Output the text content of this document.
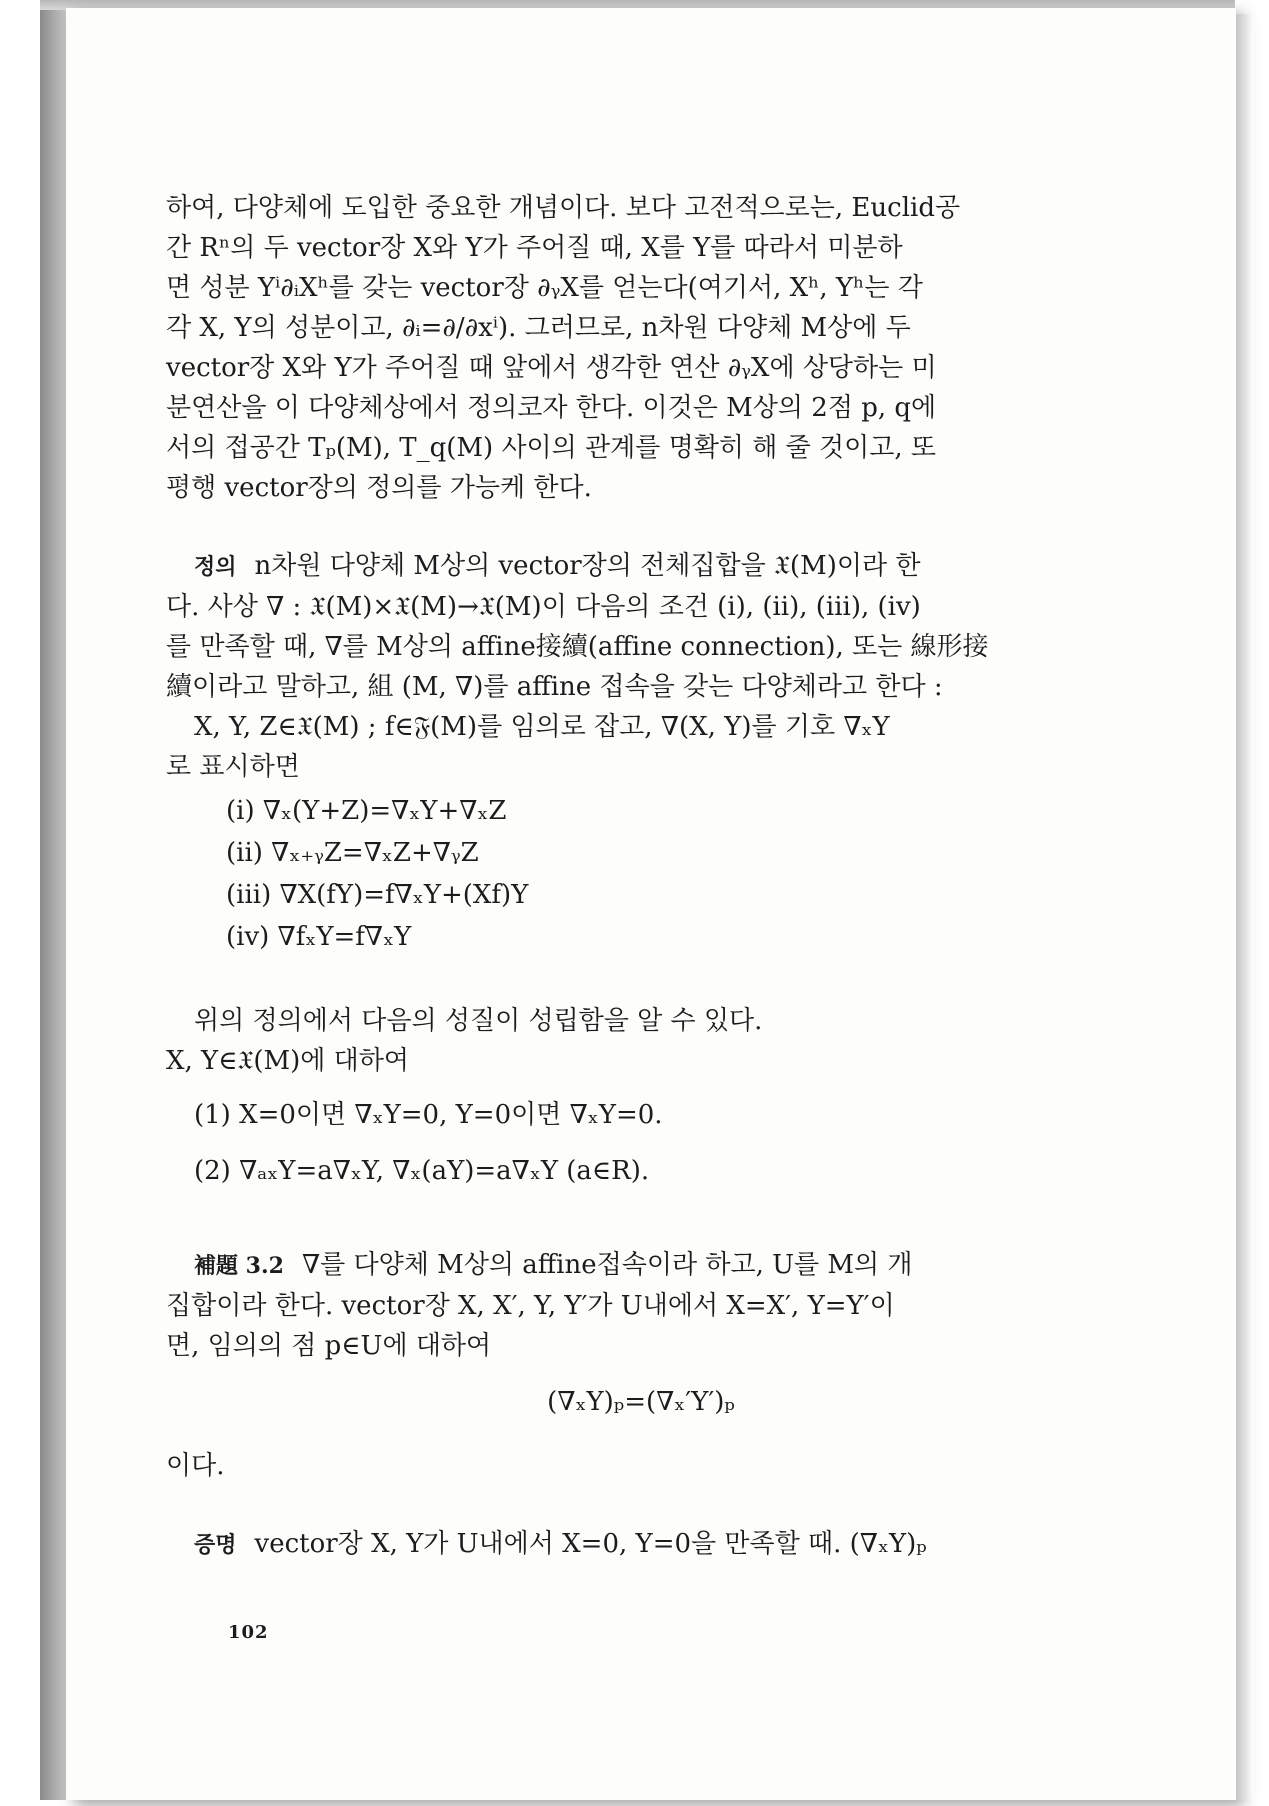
하여, 다양체에 도입한 중요한 개념이다. 보다 고전적으로는, Euclid공
간 Rⁿ의 두 vector장 X와 Y가 주어질 때, X를 Y를 따라서 미분하
면 성분 Yⁱ∂ᵢXʰ를 갖는 vector장 ∂ᵧX를 얻는다(여기서, Xʰ, Yʰ는 각
각 X, Y의 성분이고, ∂ᵢ=∂/∂xⁱ). 그러므로, n차원 다양체 M상에 두
vector장 X와 Y가 주어질 때 앞에서 생각한 연산 ∂ᵧX에 상당하는 미
분연산을 이 다양체상에서 정의코자 한다. 이것은 M상의 2점 p, q에
서의 접공간 Tₚ(M), T_q(M) 사이의 관계를 명확히 해 줄 것이고, 또
평행 vector장의 정의를 가능케 한다.
정의 n차원 다양체 M상의 vector장의 전체집합을 𝔛(M)이라 한
다. 사상 ∇ : 𝔛(M)×𝔛(M)→𝔛(M)이 다음의 조건 (i), (ii), (iii), (iv)
를 만족할 때, ∇를 M상의 affine接續(affine connection), 또는 線形接
續이라고 말하고, 組 (M, ∇)를 affine 접속을 갖는 다양체라고 한다 :
X, Y, Z∈𝔛(M) ; f∈𝔉(M)를 임의로 잡고, ∇(X, Y)를 기호 ∇ₓY
로 표시하면
(i) ∇ₓ(Y+Z)=∇ₓY+∇ₓZ
(ii) ∇ₓ₊ᵧZ=∇ₓZ+∇ᵧZ
(iii) ∇X(fY)=f∇ₓY+(Xf)Y
(iv) ∇fₓY=f∇ₓY
위의 정의에서 다음의 성질이 성립함을 알 수 있다.
X, Y∈𝔛(M)에 대하여
(1) X=0이면 ∇ₓY=0, Y=0이면 ∇ₓY=0.
(2) ∇ₐₓY=a∇ₓY, ∇ₓ(aY)=a∇ₓY (a∈R).
補題 3.2 ∇를 다양체 M상의 affine접속이라 하고, U를 M의 개
집합이라 한다. vector장 X, X′, Y, Y′가 U내에서 X=X′, Y=Y′이
면, 임의의 점 p∈U에 대하여
(∇ₓY)ₚ=(∇ₓ′Y′)ₚ
이다.
증명 vector장 X, Y가 U내에서 X=0, Y=0을 만족할 때. (∇ₓY)ₚ
102
